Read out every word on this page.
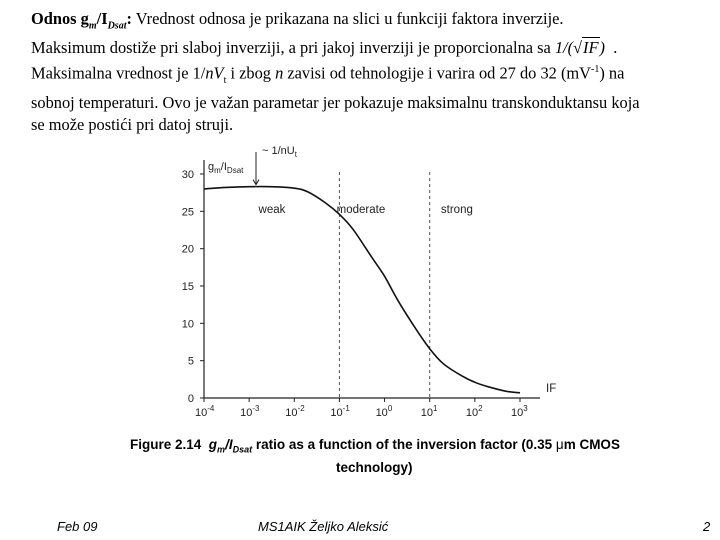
Odnos $g_m/I_{Dsat}$: Vrednost odnosa je prikazana na slici u funkciji faktora inverzije.

Maksimum dostiže pri slaboj inverziji, a pri jakoj inverziji je proporcionalna sa 1/(√IF) .

Maksimalna vrednost je $1/nV_t$ i zbog n zavisi od tehnologije i varira od 27 do 32 $(mV^{-1})$ na

sobnoj temperaturi. Ovo je važan parametar jer pokazuje maksimalnu transkonduktansu koja

se može postići pri datoj struji.

0
5
10
15
20
25
30
$10^{-4}$ $10^{-3}$ $10^{-2}$ $10^{-1}$ $10^0$	$10^1$	$10^2$	$10^3$
$g_m/I_{Dsat}$
~ $1/nU_t$
weak	moderate	strong
IF
Figure 2.14 $g_m/I_{Dsat}$ ratio as a function of the inversion factor (0.35 μm CMOS
technology)
Feb 09	MS1AIK Željko Aleksić	2
